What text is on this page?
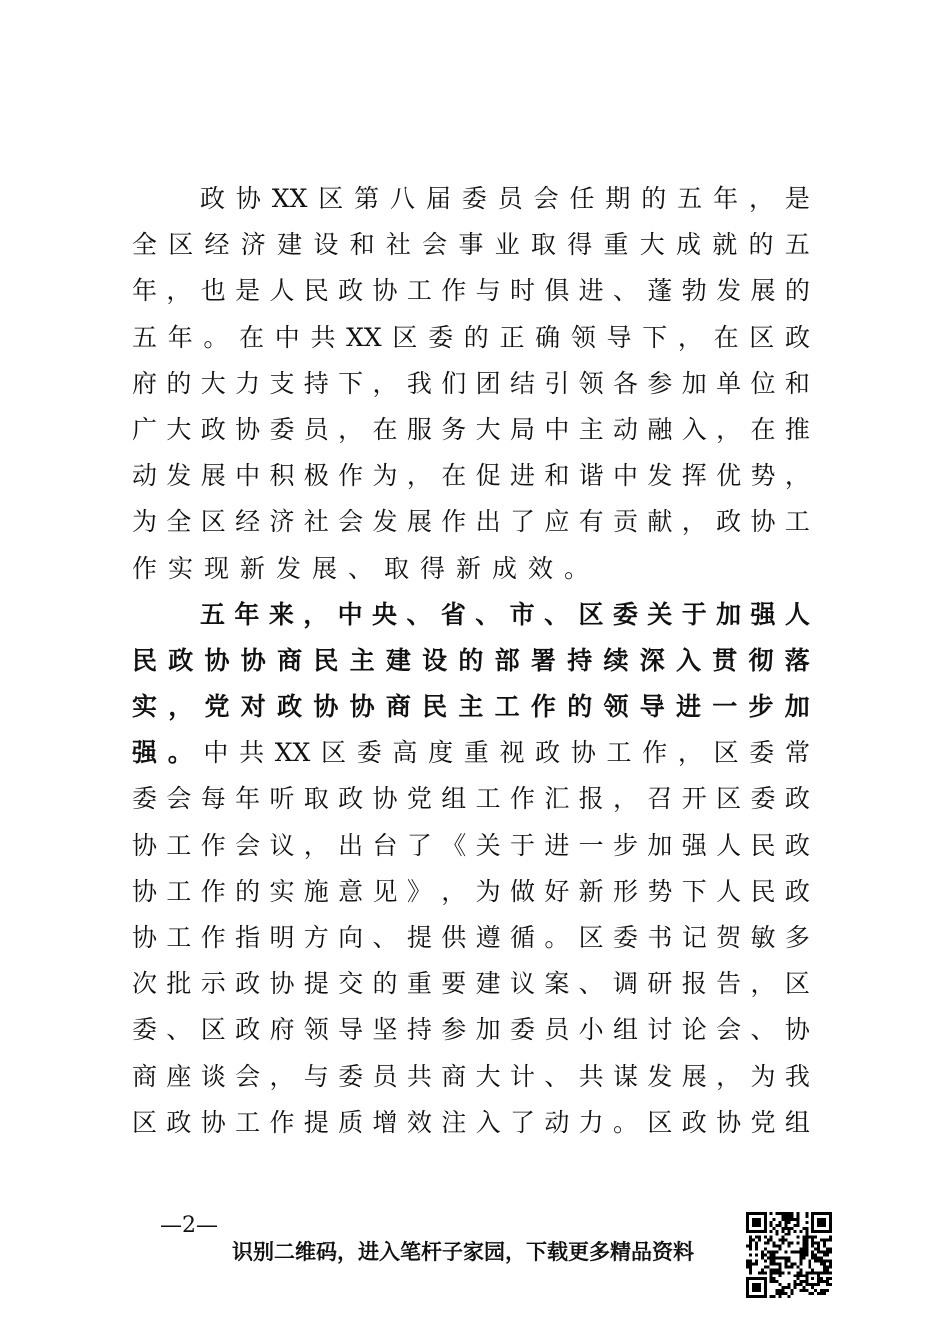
政 协 XX 区 第 八 届 委 员 会 任 期 的 五 年 ， 是
全 区 经 济 建 设 和 社 会 事 业 取 得 重 大 成 就 的 五
年 ， 也 是 人 民 政 协 工 作 与 时 俱 进 、 蓬 勃 发 展 的
五 年 。 在 中 共 XX 区 委 的 正 确 领 导 下 ， 在 区 政
府 的 大 力 支 持 下 ， 我 们 团 结 引 领 各 参 加 单 位 和
广 大 政 协 委 员 ， 在 服 务 大 局 中 主 动 融 入 ， 在 推
动 发 展 中 积 极 作 为 ， 在 促 进 和 谐 中 发 挥 优 势 ，
为 全 区 经 济 社 会 发 展 作 出 了 应 有 贡 献 ， 政 协 工
作实现新发展、取得新成效。
五 年 来 ， 中 央 、 省 、 市 、 区 委 关 于 加 强 人
民 政 协 协 商 民 主 建 设 的 部 署 持 续 深 入 贯 彻 落
实 ， 党 对 政 协 协 商 民 主 工 作 的 领 导 进 一 步 加
强 。 中 共 XX 区 委 高 度 重 视 政 协 工 作 ， 区 委 常
委 会 每 年 听 取 政 协 党 组 工 作 汇 报 ， 召 开 区 委 政
协 工 作 会 议 ， 出 台 了 《 关 于 进 一 步 加 强 人 民 政
协 工 作 的 实 施 意 见 》 ， 为 做 好 新 形 势 下 人 民 政
协 工 作 指 明 方 向 、 提 供 遵 循 。 区 委 书 记 贺 敏 多
次 批 示 政 协 提 交 的 重 要 建 议 案 、 调 研 报 告 ， 区
委 、 区 政 府 领 导 坚 持 参 加 委 员 小 组 讨 论 会 、 协
商 座 谈 会 ， 与 委 员 共 商 大 计 、 共 谋 发 展 ， 为 我
区 政 协 工 作 提 质 增 效 注 入 了 动 力 。 区 政 协 党 组
—2—
识别二维码，进入笔杆子家园，下载更多精品资料
